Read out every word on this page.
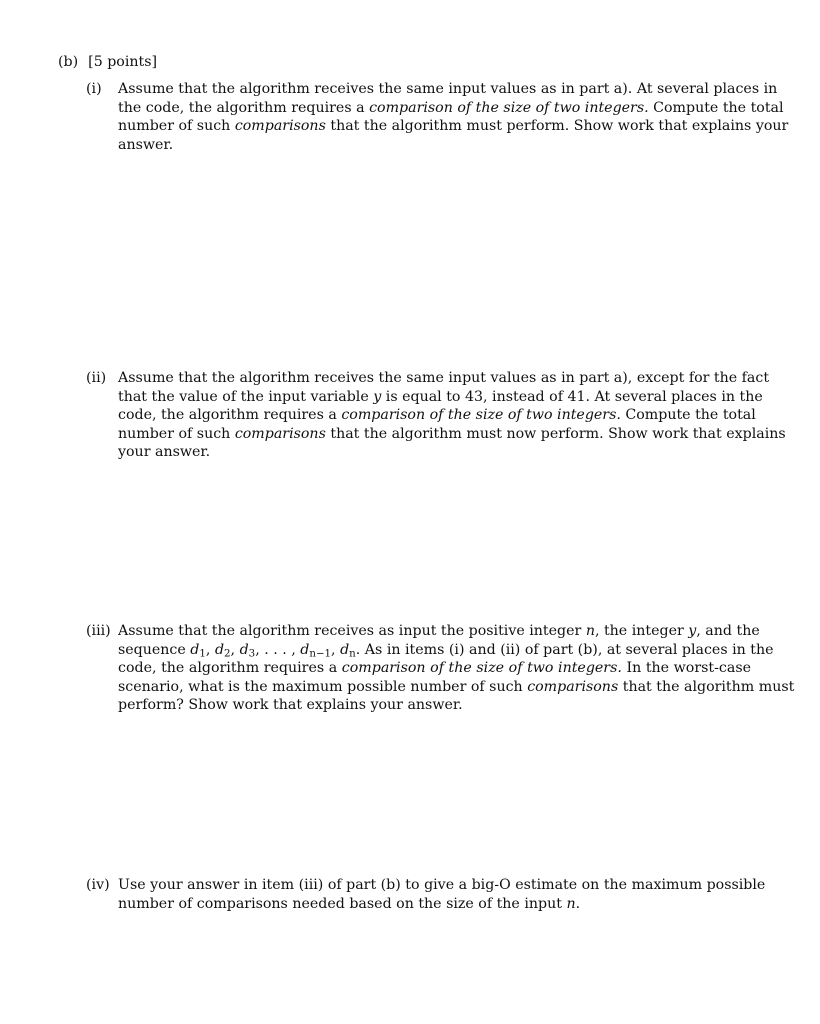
(b) [5 points]
(i) Assume that the algorithm receives the same input values as in part a). At several places in
the code, the algorithm requires a comparison of the size of two integers. Compute the total
number of such comparisons that the algorithm must perform. Show work that explains your
answer.
(ii) Assume that the algorithm receives the same input values as in part a), except for the fact
that the value of the input variable y is equal to 43, instead of 41. At several places in the
code, the algorithm requires a comparison of the size of two integers. Compute the total
number of such comparisons that the algorithm must now perform. Show work that explains
your answer.
(iii) Assume that the algorithm receives as input the positive integer n, the integer y, and the
sequence $d_1$, $d_2$, $d_3$, . . . , $d_{n-1}$, $d_n$. As in items (i) and (ii) of part (b), at several places in the
code, the algorithm requires a comparison of the size of two integers. In the worst-case
scenario, what is the maximum possible number of such comparisons that the algorithm must
perform? Show work that explains your answer.
(iv) Use your answer in item (iii) of part (b) to give a big-O estimate on the maximum possible
number of comparisons needed based on the size of the input n.
